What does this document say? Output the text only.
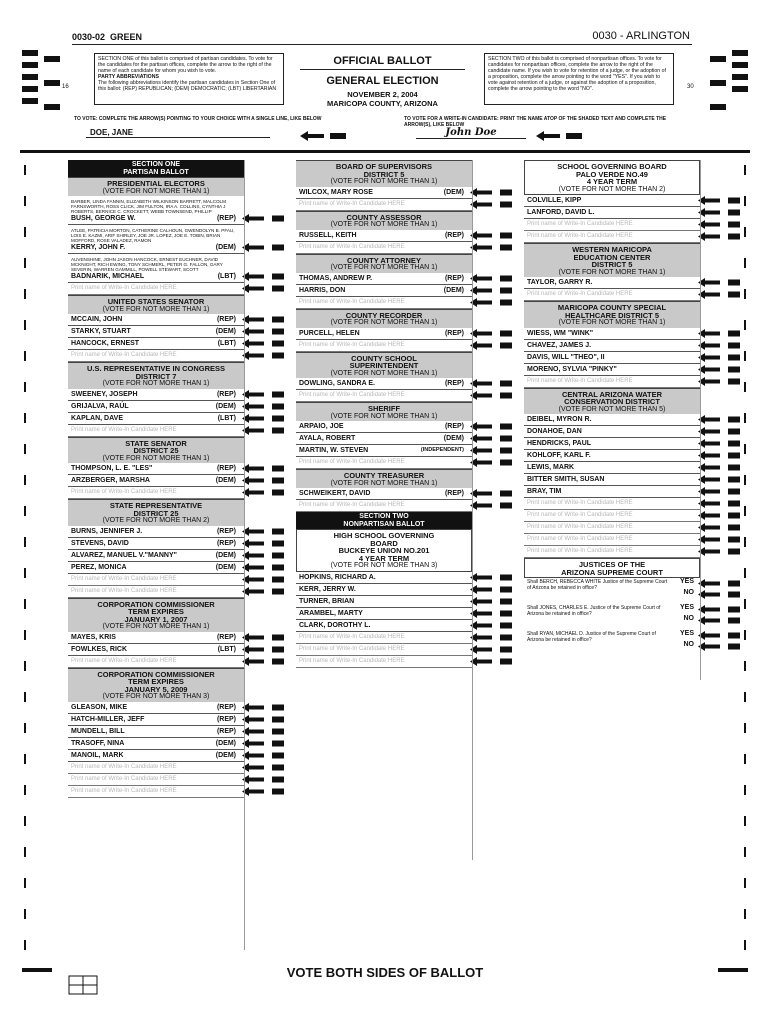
0030-02 GREEN	0030 - ARLINGTON
16	30
SECTION ONE of this ballot is comprised of partisan candidates. To vote for the candidates for the partisan offices, complete the arrow to the right of the name of each candidate for whom you wish to vote.
PARTY ABBREVIATIONS
The following abbreviations identify the partisan candidates in Section One of this ballot: (REP) REPUBLICAN; (DEM) DEMOCRATIC; (LBT) LIBERTARIAN
OFFICIAL BALLOT
GENERAL ELECTION
NOVEMBER 2, 2004
MARICOPA COUNTY, ARIZONA
SECTION TWO of this ballot is comprised of nonpartisan offices. To vote for candidates for nonpartisan offices, complete the arrow to the right of the candidate name. If you wish to vote for retention of a judge, or the adoption of a proposition, complete the arrow pointing to the word "YES". If you wish to vote against retention of a judge, or against the adoption of a proposition, complete the arrow pointing to the word "NO".
TO VOTE: COMPLETE THE ARROW(S) POINTING TO YOUR CHOICE WITH A SINGLE LINE, LIKE BELOW	TO VOTE FOR A WRITE-IN CANDIDATE: PRINT THE NAME ATOP OF THE SHADED TEXT AND COMPLETE THE ARROW(S), LIKE BELOW
DOE, JANE	John Doe
SECTION ONE
PARTISAN BALLOT
PRESIDENTIAL ELECTORS
(VOTE FOR NOT MORE THAN 1)
BARBER, LINDA FANNIN, ELIZABETH WILKINSON BARRETT, MALCOLM FARNSWORTH, ROSS CLICK, JIM FULTON, IRA A. COLLINS, CYNTHIA J ROBERTS, BERNICE C. CROCKETT, WEBB TOWNSEND, PHILLIP
BUSH, GEORGE W.	(REP)
ATLEE, PATRICIA MORTON, CATHERINE CALHOUN, GWENDOLYN B. PFAU, LOIS E. KAZMI, ARIF SHIRLEY, JOE JR. LOPEZ, JOE E. TOBIN, BRIAN MOFFORD, ROSE VALADEZ, RAMON
KERRY, JOHN F.	(DEM)
AUVENSHINE, JOHN JASON HANCOCK, ERNEST EUCHNER, DAVID MCKNIGHT, RICH EWING, TONY SCHMERL, PETER G. FALLON, GARY SEVERIN, WARREN GAMMILL, POWELL STEWART, SCOTT
BADNARIK, MICHAEL	(LBT)
Print name of Write-In Candidate HERE
UNITED STATES SENATOR
(VOTE FOR NOT MORE THAN 1)
MCCAIN, JOHN	(REP)
STARKY, STUART	(DEM)
HANCOCK, ERNEST	(LBT)
Print name of Write-In Candidate HERE
U.S. REPRESENTATIVE IN CONGRESS
DISTRICT 7
(VOTE FOR NOT MORE THAN 1)
SWEENEY, JOSEPH	(REP)
GRIJALVA, RAÚL	(DEM)
KAPLAN, DAVE	(LBT)
Print name of Write-In Candidate HERE
STATE SENATOR
DISTRICT 25
(VOTE FOR NOT MORE THAN 1)
THOMPSON, L. E. "LES"	(REP)
ARZBERGER, MARSHA	(DEM)
Print name of Write-In Candidate HERE
STATE REPRESENTATIVE
DISTRICT 25
(VOTE FOR NOT MORE THAN 2)
BURNS, JENNIFER J.	(REP)
STEVENS, DAVID	(REP)
ALVAREZ, MANUEL V."MANNY"	(DEM)
PEREZ, MONICA	(DEM)
Print name of Write-In Candidate HERE
Print name of Write-In Candidate HERE
CORPORATION COMMISSIONER
TERM EXPIRES
JANUARY 1, 2007
(VOTE FOR NOT MORE THAN 1)
MAYES, KRIS	(REP)
FOWLKES, RICK	(LBT)
Print name of Write-In Candidate HERE
CORPORATION COMMISSIONER
TERM EXPIRES
JANUARY 5, 2009
(VOTE FOR NOT MORE THAN 3)
GLEASON, MIKE	(REP)
HATCH-MILLER, JEFF	(REP)
MUNDELL, BILL	(REP)
TRASOFF, NINA	(DEM)
MANOIL, MARK	(DEM)
Print name of Write-In Candidate HERE
Print name of Write-In Candidate HERE
Print name of Write-In Candidate HERE
BOARD OF SUPERVISORS
DISTRICT 5
(VOTE FOR NOT MORE THAN 1)
WILCOX, MARY ROSE	(DEM)
Print name of Write-In Candidate HERE
COUNTY ASSESSOR
(VOTE FOR NOT MORE THAN 1)
RUSSELL, KEITH	(REP)
Print name of Write-In Candidate HERE
COUNTY ATTORNEY
(VOTE FOR NOT MORE THAN 1)
THOMAS, ANDREW P.	(REP)
HARRIS, DON	(DEM)
Print name of Write-In Candidate HERE
COUNTY RECORDER
(VOTE FOR NOT MORE THAN 1)
PURCELL, HELEN	(REP)
Print name of Write-In Candidate HERE
COUNTY SCHOOL
SUPERINTENDENT
(VOTE FOR NOT MORE THAN 1)
DOWLING, SANDRA E.	(REP)
Print name of Write-In Candidate HERE
SHERIFF
(VOTE FOR NOT MORE THAN 1)
ARPAIO, JOE	(REP)
AYALA, ROBERT	(DEM)
MARTIN, W. STEVEN	(INDEPENDENT)
Print name of Write-In Candidate HERE
COUNTY TREASURER
(VOTE FOR NOT MORE THAN 1)
SCHWEIKERT, DAVID	(REP)
Print name of Write-In Candidate HERE
SECTION TWO
NONPARTISAN BALLOT
HIGH SCHOOL GOVERNING
BOARD
BUCKEYE UNION NO.201
4 YEAR TERM
(VOTE FOR NOT MORE THAN 3)
HOPKINS, RICHARD A.
KERR, JERRY W.
TURNER, BRIAN
ARAMBEL, MARTY
CLARK, DOROTHY L.
Print name of Write-In Candidate HERE
Print name of Write-In Candidate HERE
Print name of Write-In Candidate HERE
SCHOOL GOVERNING BOARD
PALO VERDE NO.49
4 YEAR TERM
(VOTE FOR NOT MORE THAN 2)
COLVILLE, KIPP
LANFORD, DAVID L.
Print name of Write-In Candidate HERE
Print name of Write-In Candidate HERE
WESTERN MARICOPA
EDUCATION CENTER
DISTRICT 5
(VOTE FOR NOT MORE THAN 1)
TAYLOR, GARRY R.
Print name of Write-In Candidate HERE
MARICOPA COUNTY SPECIAL
HEALTHCARE DISTRICT 5
(VOTE FOR NOT MORE THAN 1)
WIESS, WM "WINK"
CHAVEZ, JAMES J.
DAVIS, WILL "THEO", II
MORENO, SYLVIA "PINKY"
Print name of Write-In Candidate HERE
CENTRAL ARIZONA WATER
CONSERVATION DISTRICT
(VOTE FOR NOT MORE THAN 5)
DEIBEL, MYRON R.
DONAHOE, DAN
HENDRICKS, PAUL
KOHLOFF, KARL F.
LEWIS, MARK
BITTER SMITH, SUSAN
BRAY, TIM
Print name of Write-In Candidate HERE
Print name of Write-In Candidate HERE
Print name of Write-In Candidate HERE
Print name of Write-In Candidate HERE
Print name of Write-In Candidate HERE
JUSTICES OF THE
ARIZONA SUPREME COURT
Shall BERCH, REBECCA WHITE Justice of the Supreme Court of Arizona be retained in office?
YES
NO
Shall JONES, CHARLES E. Justice of the Supreme Court of Arizona be retained in office?
YES
NO
Shall RYAN, MICHAEL D. Justice of the Supreme Court of Arizona be retained in office?
YES
NO
VOTE BOTH SIDES OF BALLOT
